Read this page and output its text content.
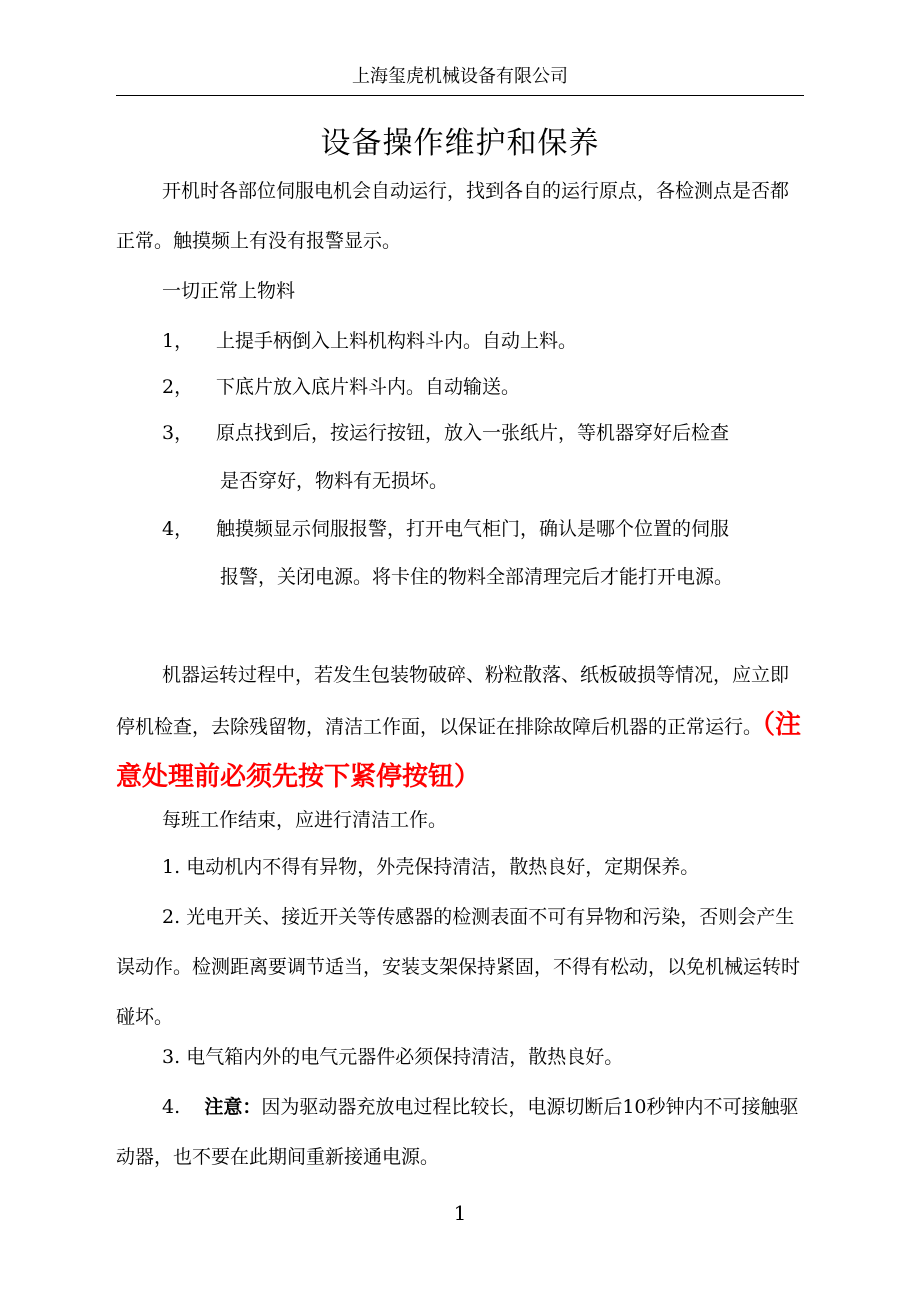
上海玺虎机械设备有限公司
设备操作维护和保养

开机时各部位伺服电机会自动运行，找到各自的运行原点，各检测点是否都正常。触摸频上有没有报警显示。

一切正常上物料

1， 上提手柄倒入上料机构料斗内。自动上料。
2， 下底片放入底片料斗内。自动输送。
3， 原点找到后，按运行按钮，放入一张纸片，等机器穿好后检查
是否穿好，物料有无损坏。
4， 触摸频显示伺服报警，打开电气柜门，确认是哪个位置的伺服
报警，关闭电源。将卡住的物料全部清理完后才能打开电源。

机器运转过程中，若发生包装物破碎、粉粒散落、纸板破损等情况，应立即停机检查，去除残留物，清洁工作面，以保证在排除故障后机器的正常运行。（注意处理前必须先按下紧停按钮）

每班工作结束，应进行清洁工作。

1. 电动机内不得有异物，外壳保持清洁，散热良好，定期保养。

2. 光电开关、接近开关等传感器的检测表面不可有异物和污染，否则会产生误动作。检测距离要调节适当，安装支架保持紧固，不得有松动，以免机械运转时碰坏。

3. 电气箱内外的电气元器件必须保持清洁，散热良好。

4. 注意：因为驱动器充放电过程比较长，电源切断后10秒钟内不可接触驱动器，也不要在此期间重新接通电源。

1
